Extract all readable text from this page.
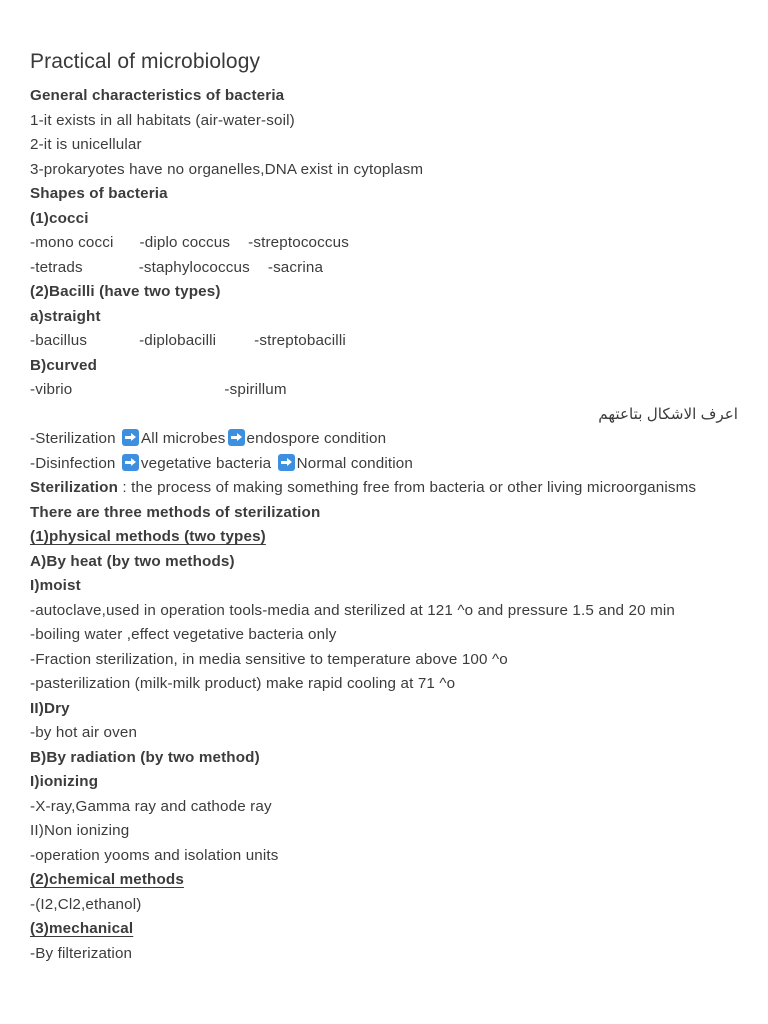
Practical of microbiology
General characteristics of bacteria
1-it exists in all habitats (air-water-soil)
2-it is unicellular
3-prokaryotes have no organelles,DNA exist in cytoplasm
Shapes of bacteria
(1)cocci
-mono cocci -diplo coccus -streptococcus
-tetrads	-staphylococcus -sacrina
(2)Bacilli (have two types)
a)straight
-bacillus	-diplobacilli	-streptobacilli
B)curved
-vibrio	-spirillum
اعرف الاشكال بتاعتهم
-Sterilization All microbes endospore condition
-Disinfection vegetative bacteria Normal condition
Sterilization : the process of making something free from bacteria or other living microorganisms
There are three methods of sterilization
(1)physical methods (two types)
A)By heat (by two methods)
I)moist
-autoclave,used in operation tools-media and sterilized at 121 ^o and pressure 1.5 and 20 min
-boiling water ,effect vegetative bacteria only
-Fraction sterilization, in media sensitive to temperature above 100 ^o
-pasterilization (milk-milk product) make rapid cooling at 71 ^o
II)Dry
-by hot air oven
B)By radiation (by two method)
I)ionizing
-X-ray,Gamma ray and cathode ray
II)Non ionizing
-operation yooms and isolation units
(2)chemical methods
-(I2,Cl2,ethanol)
(3)mechanical
-By filterization
